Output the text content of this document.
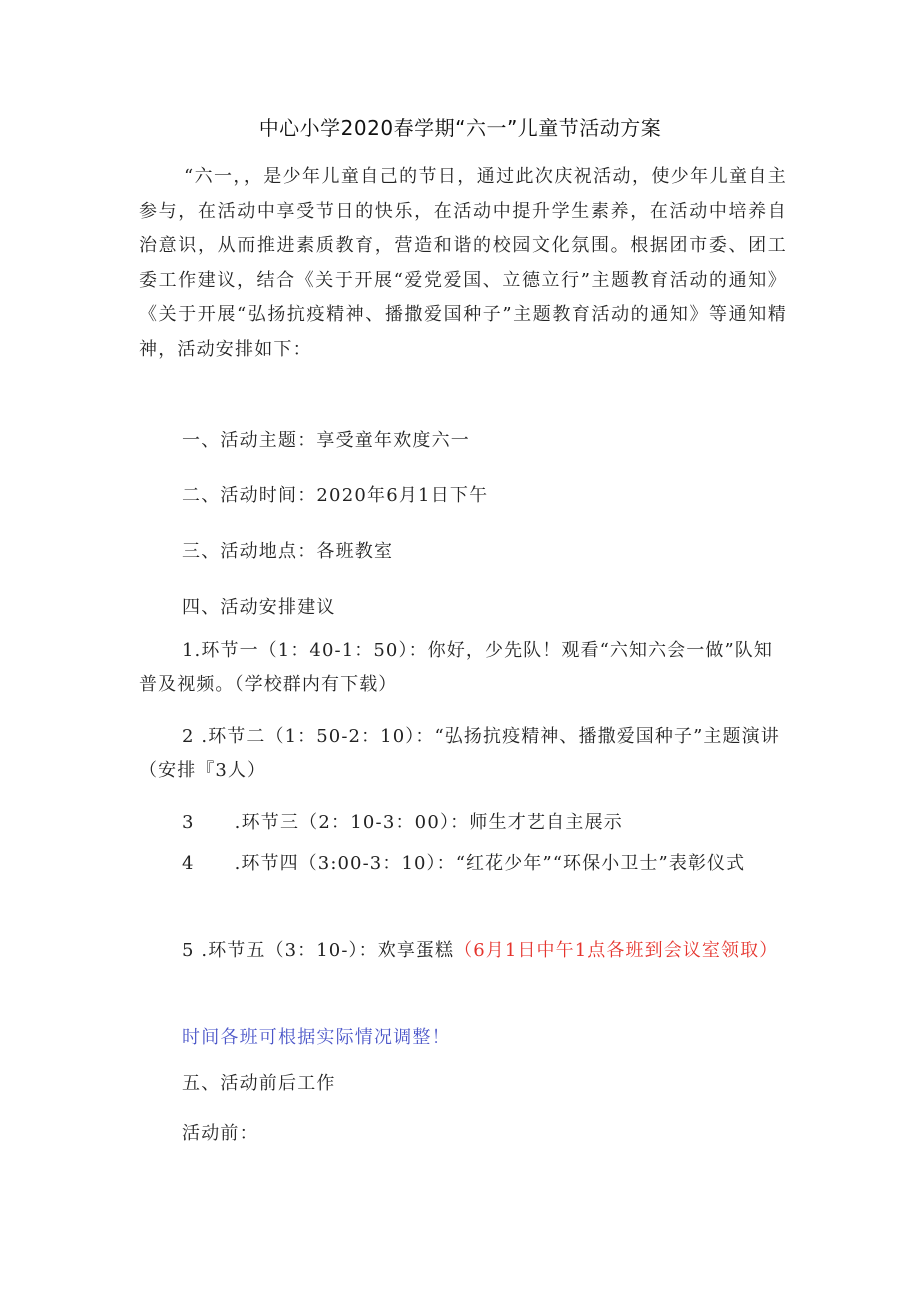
中心小学2020春学期“六一”儿童节活动方案
“六一，，是少年儿童自己的节日，通过此次庆祝活动，使少年儿童自主参与，在活动中享受节日的快乐，在活动中提升学生素养，在活动中培养自治意识，从而推进素质教育，营造和谐的校园文化氛围。根据团市委、团工委工作建议，结合《关于开展“爱党爱国、立德立行”主题教育活动的通知》《关于开展“弘扬抗疫精神、播撒爱国种子”主题教育活动的通知》等通知精神，活动安排如下：
一、活动主题：享受童年欢度六一
二、活动时间：2020年6月1日下午
三、活动地点：各班教室
四、活动安排建议
1.环节一（1：40-1：50）：你好，少先队！观看“六知六会一做”队知普及视频。（学校群内有下载）
2 .环节二（1：50-2：10）：“弘扬抗疫精神、播撒爱国种子”主题演讲（安排『3人）
3 .环节三（2：10-3：00）：师生才艺自主展示
4 .环节四（3:00-3：10）：“红花少年”“环保小卫士”表彰仪式
5 .环节五（3：10-）：欢享蛋糕（6月1日中午1点各班到会议室领取）
时间各班可根据实际情况调整！
五、活动前后工作
活动前：
